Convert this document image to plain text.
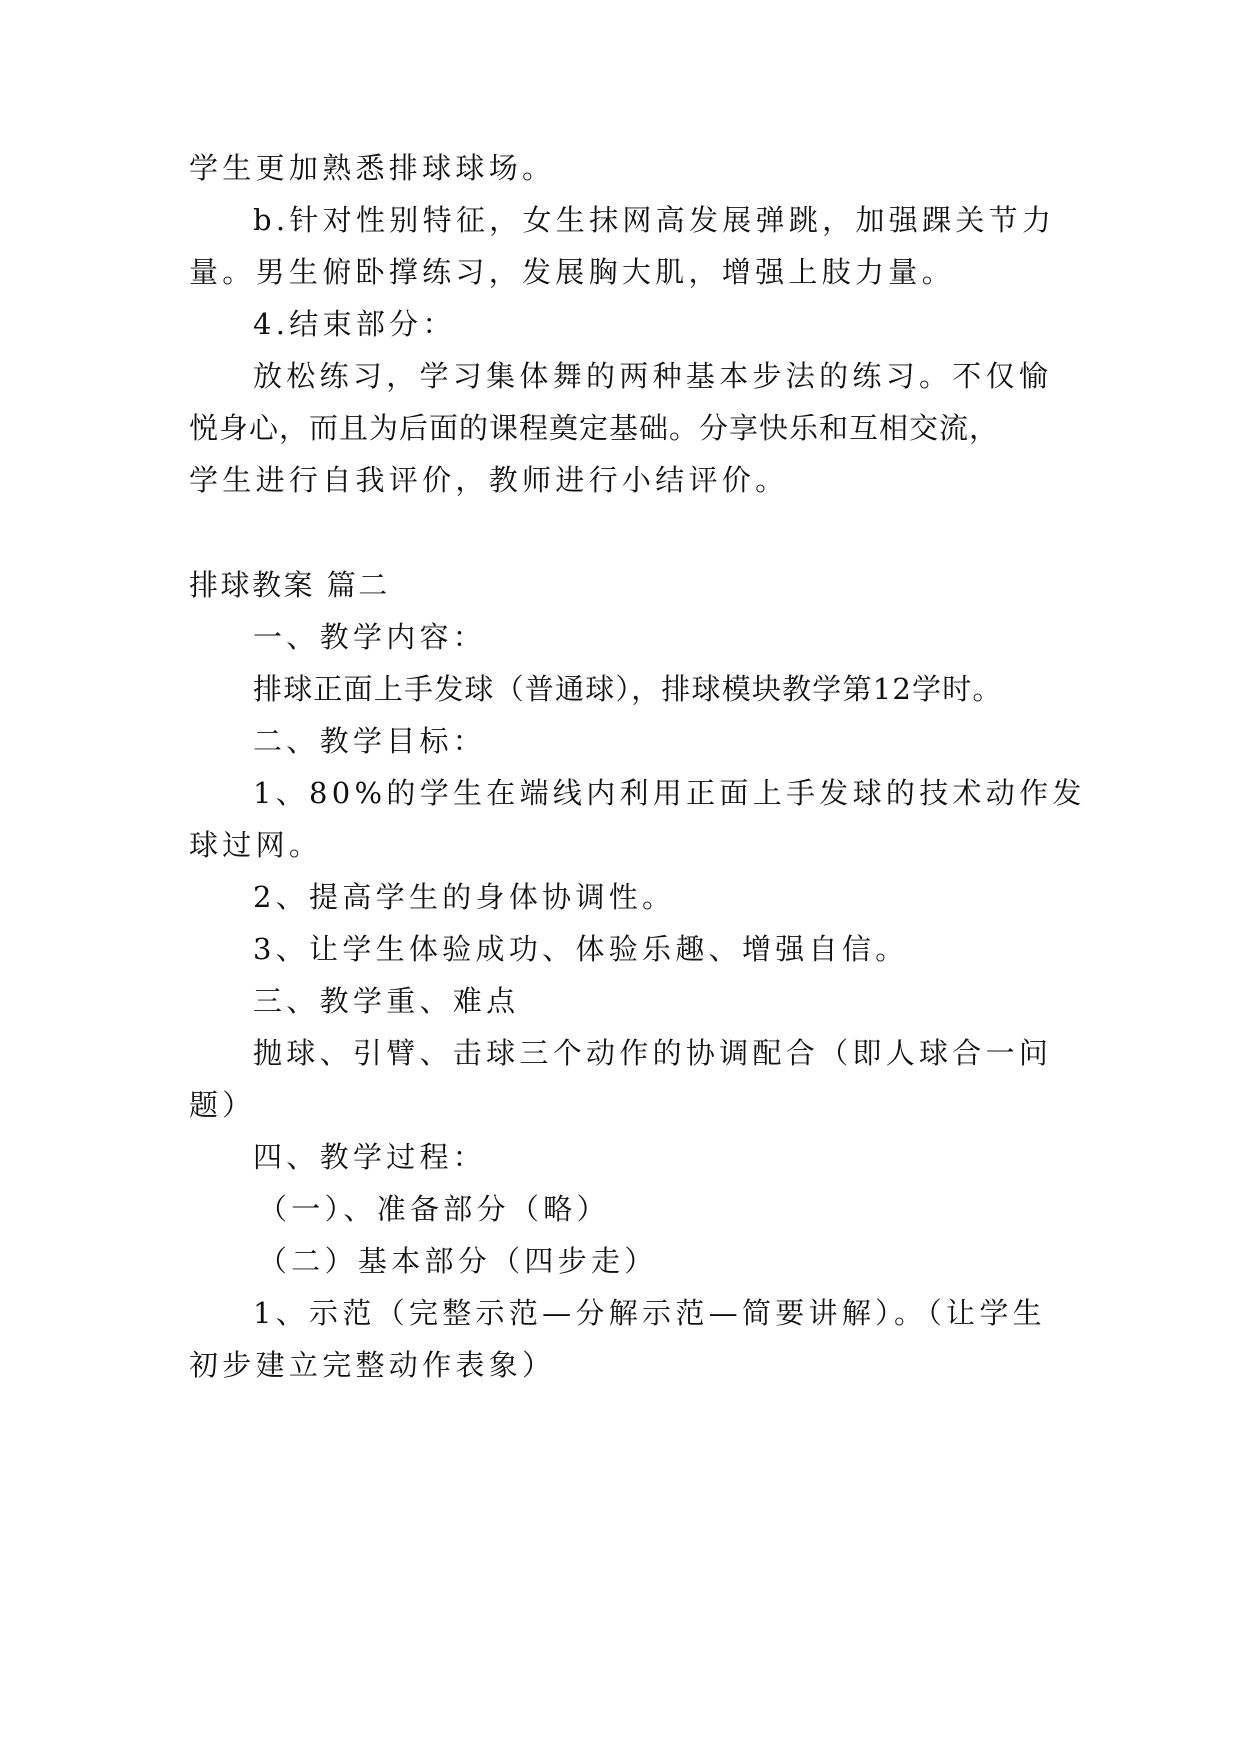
学生更加熟悉排球球场。
b.针对性别特征，女生抹网高发展弹跳，加强踝关节力
量。男生俯卧撑练习，发展胸大肌，增强上肢力量。
4.结束部分：
放松练习，学习集体舞的两种基本步法的练习。不仅愉
悦身心，而且为后面的课程奠定基础。分享快乐和互相交流，
学生进行自我评价，教师进行小结评价。
排球教案 篇二
一、教学内容：
排球正面上手发球（普通球），排球模块教学第12学时。
二、教学目标：
1、80%的学生在端线内利用正面上手发球的技术动作发
球过网。
2、提高学生的身体协调性。
3、让学生体验成功、体验乐趣、增强自信。
三、教学重、难点
抛球、引臂、击球三个动作的协调配合（即人球合一问
题）
四、教学过程：
（一）、准备部分（略）
（二）基本部分（四步走）
1、示范（完整示范—分解示范—简要讲解）。（让学生
初步建立完整动作表象）
